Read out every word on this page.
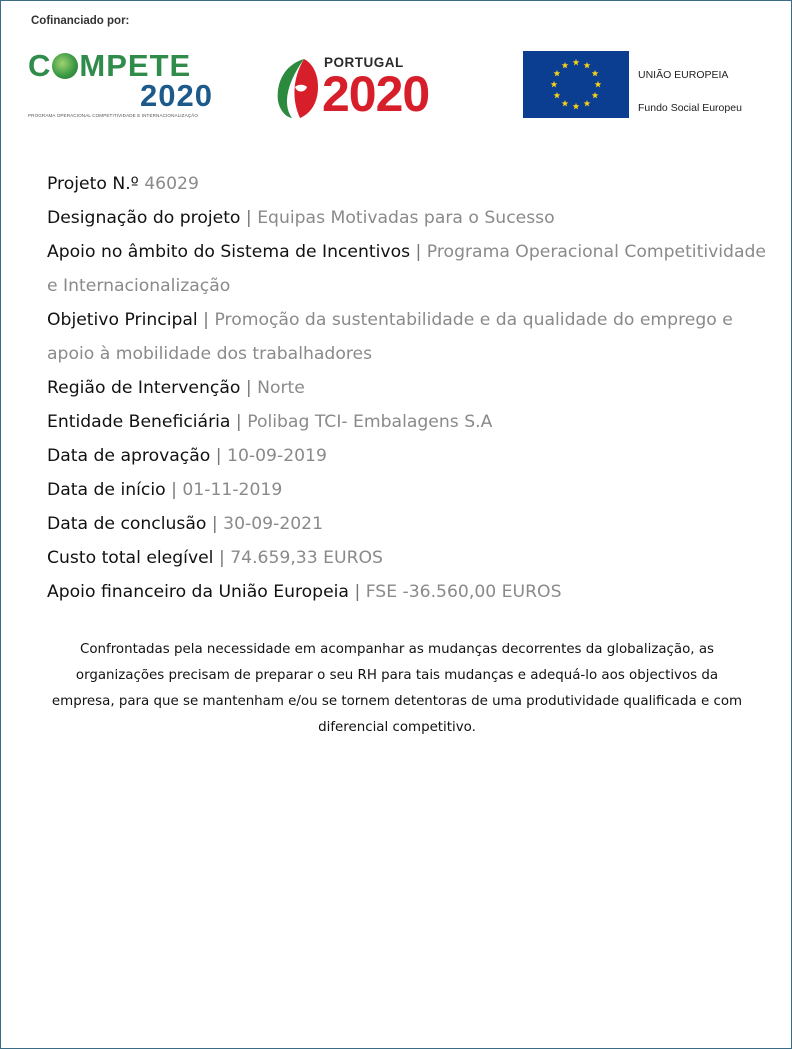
Cofinanciado por:
C MPETE
2020
PROGRAMA OPERACIONAL COMPETITIVIDADE E INTERNACIONALIZAÇÃO
PORTUGAL
2020	UNIÃO EUROPEIA
Fundo Social Europeu
Projeto N.º 46029
Designação do projeto | Equipas Motivadas para o Sucesso
Apoio no âmbito do Sistema de Incentivos | Programa Operacional Competitividade e Internacionalização
Objetivo Principal | Promoção da sustentabilidade e da qualidade do emprego e apoio à mobilidade dos trabalhadores
Região de Intervenção | Norte
Entidade Beneficiária | Polibag TCI- Embalagens S.A
Data de aprovação | 10-09-2019
Data de início | 01-11-2019
Data de conclusão | 30-09-2021
Custo total elegível | 74.659,33 EUROS
Apoio financeiro da União Europeia | FSE -36.560,00 EUROS
Confrontadas pela necessidade em acompanhar as mudanças decorrentes da globalização, as organizações precisam de preparar o seu RH para tais mudanças e adequá-lo aos objectivos da empresa, para que se mantenham e/ou se tornem detentoras de uma produtividade qualificada e com diferencial competitivo.
